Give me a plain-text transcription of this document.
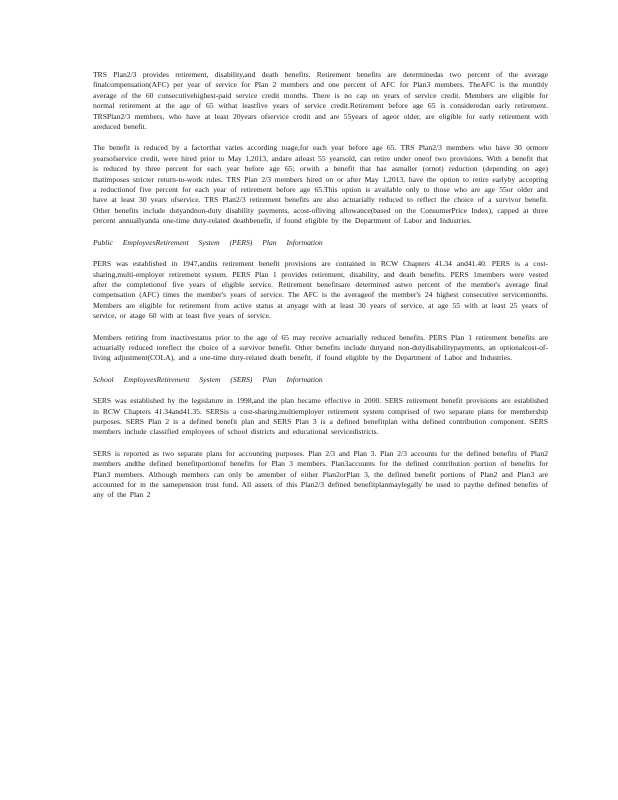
TRS Plan2/3 provides retirement, disability,and death benefits. Retirement benefits are determinedas two percent of the average finalcompensation(AFC) per year of service for Plan 2 members and one percent of AFC for Plan3 members. TheAFC is the monthly average of the 60 consecutivehighest-paid service credit months. There is no cap on years of service credit. Members are eligible for normal retirement at the age of 65 withat leastfive years of service credit.Retirement before age 65 is consideredan early retirement. TRSPlan2/3 members, who have at least 20years ofservice credit and are 55years of ageor older, are eligible for early retirement with areduced benefit.

The benefit is reduced by a factorthat varies according toage,for each year before age 65. TRS Plan2/3 members who have 30 ormore yearsofservice credit, were hired prior to May 1,2013, andare atleast 55 yearsold, can retire under oneof two provisions. With a benefit that is reduced by three percent for each year before age 65; orwith a benefit that has asmaller (ornot) reduction (depending on age) thatimposes stricter return-to-work rules. TRS Plan 2/3 members hired on or after May 1,2013, have the option to retire earlyby accepting a reductionof five percent for each year of retirement before age 65.This option is available only to those who are age 55or older and have at least 30 years ofservice. TRS Plan2/3 retirement benefits are also actuarially reduced to reflect the choice of a survivor benefit. Other benefits include dutyandnon-duty disability payments, acost-ofliving allowance(based on the ConsumerPrice Index), capped at three percent annuallyanda one-time duty-related deathbenefit, if found eligible by the Department of Labor and Industries.

Public EmployeesRetirement System (PERS) Plan Information

PERS was established in 1947,andits retirement benefit provisions are contained in RCW Chapters 41.34 and41.40. PERS is a cost-sharing,multi-employer retirement system. PERS Plan 1 provides retirement, disability, and death benefits. PERS 1members were vested after the completionof five years of eligible service. Retirement benefitsare determined astwo percent of the member's average final compensation (AFC) times the member's years of service. The AFC is the averageof the member's 24 highest consecutive servicemonths. Members are eligible for retirement from active status at anyage with at least 30 years of service, at age 55 with at least 25 years of service, or atage 60 with at least five years of service.

Members retiring from inactivestatus prior to the age of 65 may receive actuarially reduced benefits. PERS Plan 1 retirement benefits are actuarially reduced toreflect the choice of a survivor benefit. Other benefits include dutyand non-dutydisabilitypayments, an optionalcost-of-living adjustment(COLA), and a one-time duty-related death benefit, if found eligible by the Department of Labor and Industries.

School EmployeesRetirement System (SERS) Plan Information

SERS was established by the legislature in 1998,and the plan became effective in 2000. SERS retirement benefit provisions are established in RCW Chapters 41.34and41.35. SERSis a cost-sharing,multiemployer retirement system comprised of two separate plans for membership purposes. SERS Plan 2 is a defined benefit plan and SERS Plan 3 is a defined benefitplan witha defined contribution component. SERS members include classified employees of school districts and educational servicedistricts.

SERS is reported as two separate plans for accounting purposes. Plan 2/3 and Plan 3. Plan 2/3 accounts for the defined benefits of Plan2 members andthe defined benefitportionof benefits for Plan 3 members. Plan3accounts for the defined contribution portion of benefits for Plan3 members. Although members can only be amember of either Plan2orPlan 3, the defined benefit portions of Plan2 and Plan3 are accounted for in the samepension trust fund. All assets of this Plan2/3 defined benefitplanmaylegally be used to paythe defined benefits of any of the Plan 2
